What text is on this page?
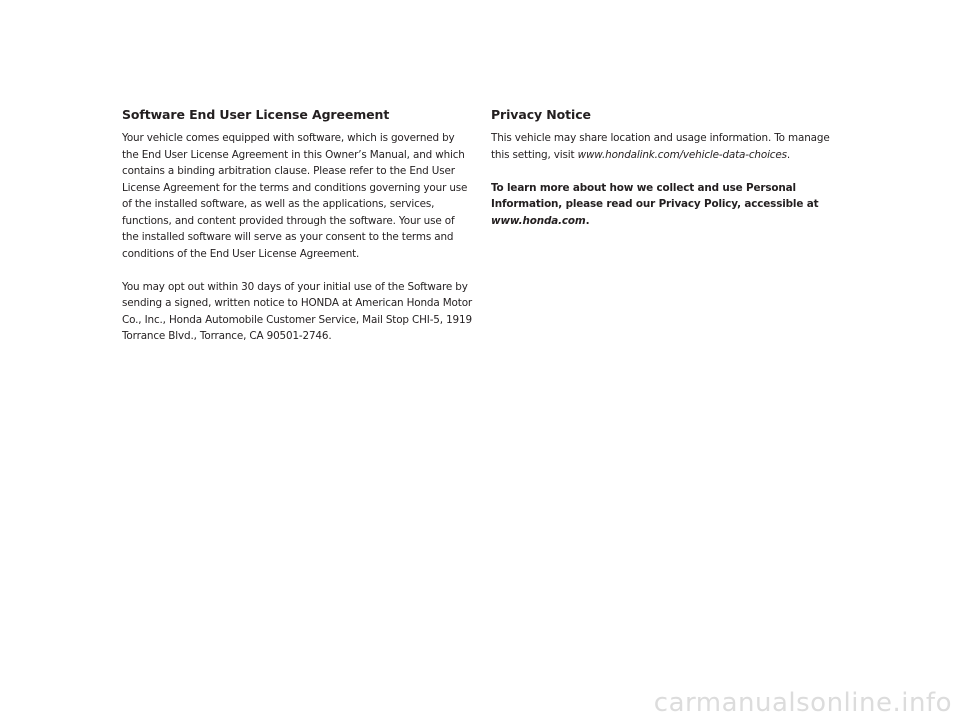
Software End User License Agreement

Your vehicle comes equipped with software, which is governed by the End User License Agreement in this Owner’s Manual, and which contains a binding arbitration clause. Please refer to the End User License Agreement for the terms and conditions governing your use of the installed software, as well as the applications, services, functions, and content provided through the software. Your use of the installed software will serve as your consent to the terms and conditions of the End User License Agreement.

You may opt out within 30 days of your initial use of the Software by sending a signed, written notice to HONDA at American Honda Motor Co., Inc., Honda Automobile Customer Service, Mail Stop CHI-5, 1919 Torrance Blvd., Torrance, CA 90501-2746.

Privacy Notice

This vehicle may share location and usage information. To manage this setting, visit www.hondalink.com/vehicle-data-choices.

To learn more about how we collect and use Personal Information, please read our Privacy Policy, accessible at www.honda.com.

carmanualsonline.info
